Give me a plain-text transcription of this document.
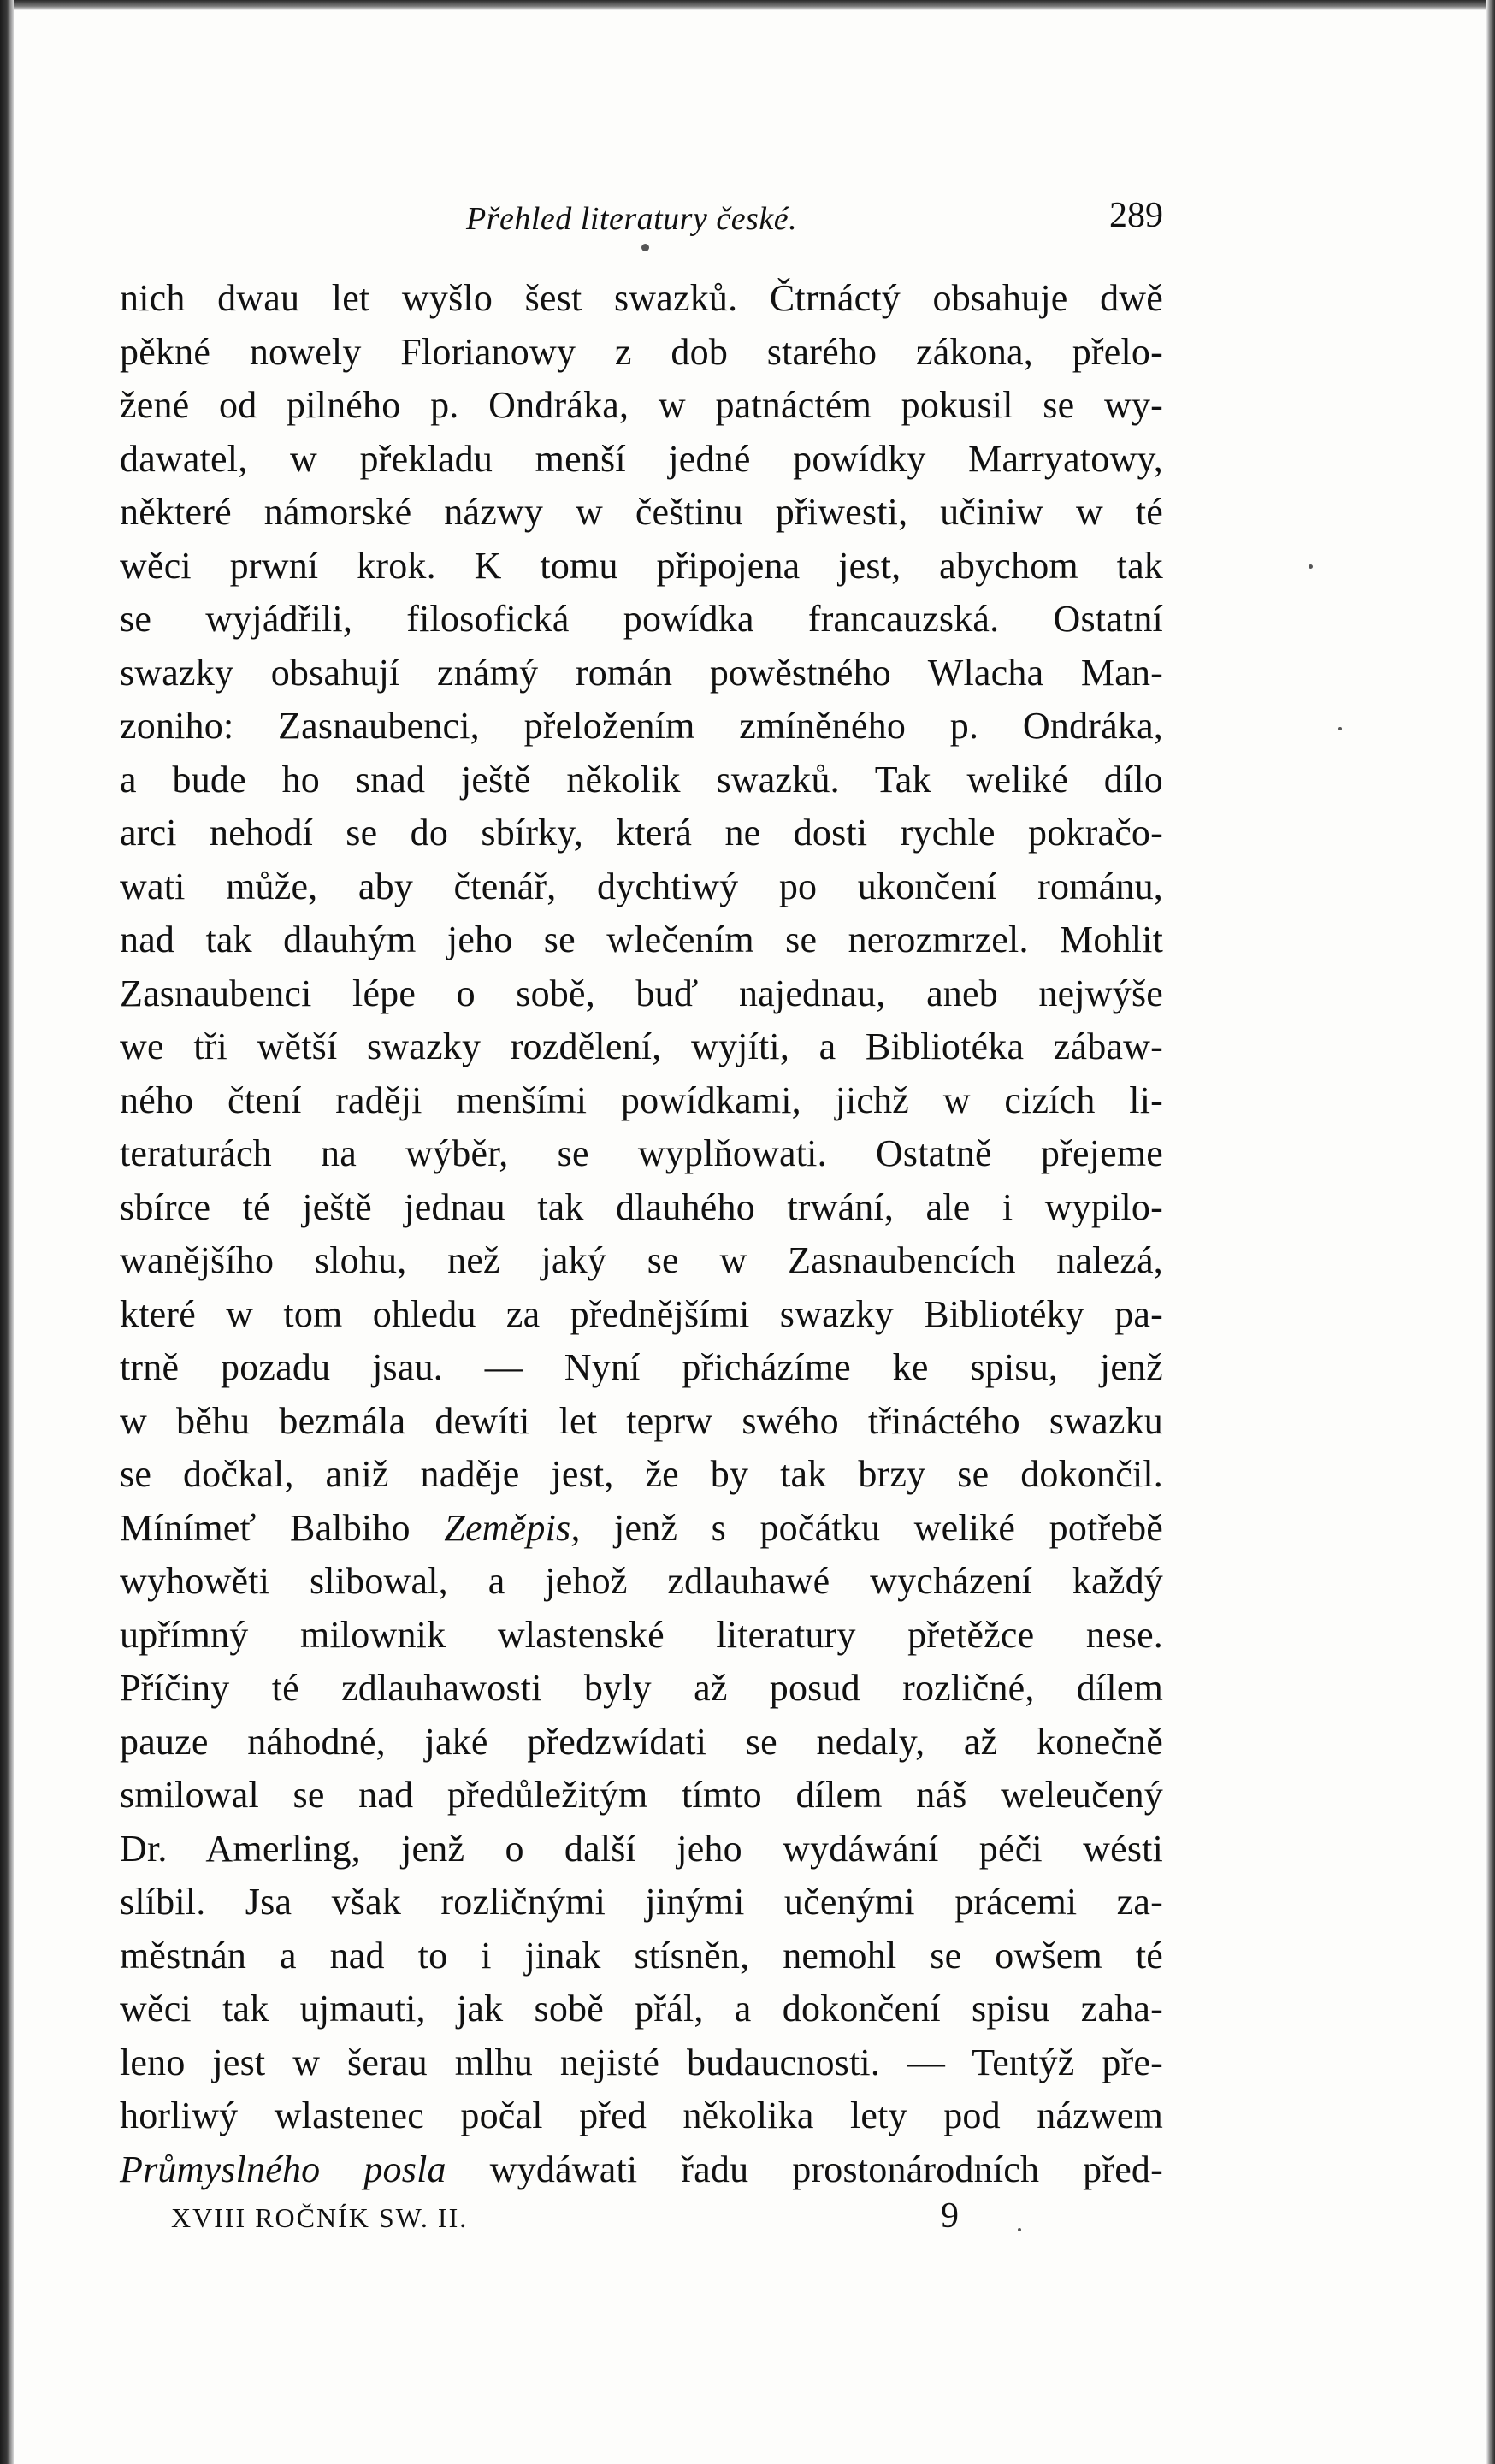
Přehled literatury české.	289
nich dwau let wyšlo šest swazků. Čtrnáctý obsahuje dwě
pěkné nowely Florianowy z dob starého zákona, přelo-
žené od pilného p. Ondráka, w patnáctém pokusil se wy-
dawatel, w překladu menší jedné powídky Marryatowy,
některé námorské názwy w češtinu přiwesti, učiniw w té
wěci prwní krok. K tomu připojena jest, abychom tak
se wyjádřili, filosofická powídka francauzská. Ostatní
swazky obsahují známý román powěstného Wlacha Man-
zoniho: Zasnaubenci, přeložením zmíněného p. Ondráka,
a bude ho snad ještě několik swazků. Tak weliké dílo
arci nehodí se do sbírky, která ne dosti rychle pokračo-
wati může, aby čtenář, dychtiwý po ukončení románu,
nad tak dlauhým jeho se wlečením se nerozmrzel. Mohlit
Zasnaubenci lépe o sobě, buď najednau, aneb nejwýše
we tři wětší swazky rozdělení, wyjíti, a Bibliotéka zábaw-
ného čtení raději menšími powídkami, jichž w cizích li-
teraturách na wýběr, se wyplňowati. Ostatně přejeme
sbírce té ještě jednau tak dlauhého trwání, ale i wypilo-
wanějšího slohu, než jaký se w Zasnaubencích nalezá,
které w tom ohledu za přednějšími swazky Bibliotéky pa-
trně pozadu jsau. — Nyní přicházíme ke spisu, jenž
w běhu bezmála dewíti let teprw swého třináctého swazku
se dočkal, aniž naděje jest, že by tak brzy se dokončil.
Mínímeť Balbiho Zeměpis, jenž s počátku weliké potřebě
wyhowěti slibowal, a jehož zdlauhawé wycházení každý
upřímný milownik wlastenské literatury přetěžce nese.
Příčiny té zdlauhawosti byly až posud rozličné, dílem
pauze náhodné, jaké předzwídati se nedaly, až konečně
smilowal se nad předůležitým tímto dílem náš weleučený
Dr. Amerling, jenž o další jeho wydáwání péči wésti
slíbil. Jsa však rozličnými jinými učenými prácemi za-
městnán a nad to i jinak stísněn, nemohl se owšem té
wěci tak ujmauti, jak sobě přál, a dokončení spisu zaha-
leno jest w šerau mlhu nejisté budaucnosti. — Tentýž pře-
horliwý wlastenec počal před několika lety pod názwem
Průmyslného posla wydáwati řadu prostonárodních před-
XVIII ROČNÍK SW. II.	9
